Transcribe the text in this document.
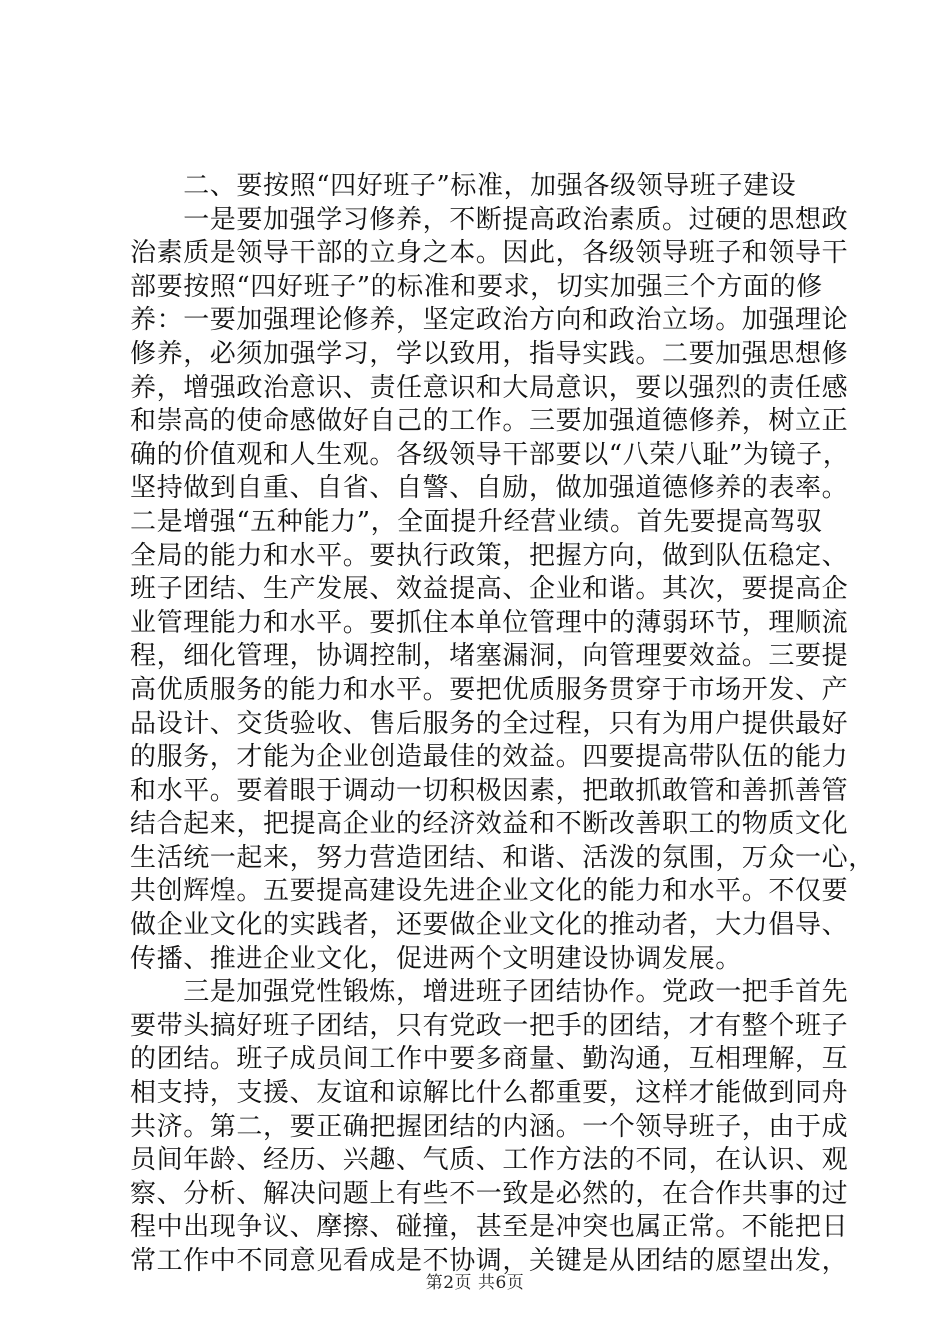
　　二、要按照“四好班子”标准，加强各级领导班子建设
　　一是要加强学习修养，不断提高政治素质。过硬的思想政
治素质是领导干部的立身之本。因此，各级领导班子和领导干
部要按照“四好班子”的标准和要求，切实加强三个方面的修
养：一要加强理论修养，坚定政治方向和政治立场。加强理论
修养，必须加强学习，学以致用，指导实践。二要加强思想修
养，增强政治意识、责任意识和大局意识，要以强烈的责任感
和崇高的使命感做好自己的工作。三要加强道德修养，树立正
确的价值观和人生观。各级领导干部要以“八荣八耻”为镜子，
坚持做到自重、自省、自警、自励，做加强道德修养的表率。
二是增强“五种能力”，全面提升经营业绩。首先要提高驾驭
全局的能力和水平。要执行政策，把握方向，做到队伍稳定、
班子团结、生产发展、效益提高、企业和谐。其次，要提高企
业管理能力和水平。要抓住本单位管理中的薄弱环节，理顺流
程，细化管理，协调控制，堵塞漏洞，向管理要效益。三要提
高优质服务的能力和水平。要把优质服务贯穿于市场开发、产
品设计、交货验收、售后服务的全过程，只有为用户提供最好
的服务，才能为企业创造最佳的效益。四要提高带队伍的能力
和水平。要着眼于调动一切积极因素，把敢抓敢管和善抓善管
结合起来，把提高企业的经济效益和不断改善职工的物质文化
生活统一起来，努力营造团结、和谐、活泼的氛围，万众一心，
共创辉煌。五要提高建设先进企业文化的能力和水平。不仅要
做企业文化的实践者，还要做企业文化的推动者，大力倡导、
传播、推进企业文化，促进两个文明建设协调发展。
　　三是加强党性锻炼，增进班子团结协作。党政一把手首先
要带头搞好班子团结，只有党政一把手的团结，才有整个班子
的团结。班子成员间工作中要多商量、勤沟通，互相理解，互
相支持，支援、友谊和谅解比什么都重要，这样才能做到同舟
共济。第二，要正确把握团结的内涵。一个领导班子，由于成
员间年龄、经历、兴趣、气质、工作方法的不同，在认识、观
察、分析、解决问题上有些不一致是必然的，在合作共事的过
程中出现争议、摩擦、碰撞，甚至是冲突也属正常。不能把日
常工作中不同意见看成是不协调，关键是从团结的愿望出发，
第2页 共6页
